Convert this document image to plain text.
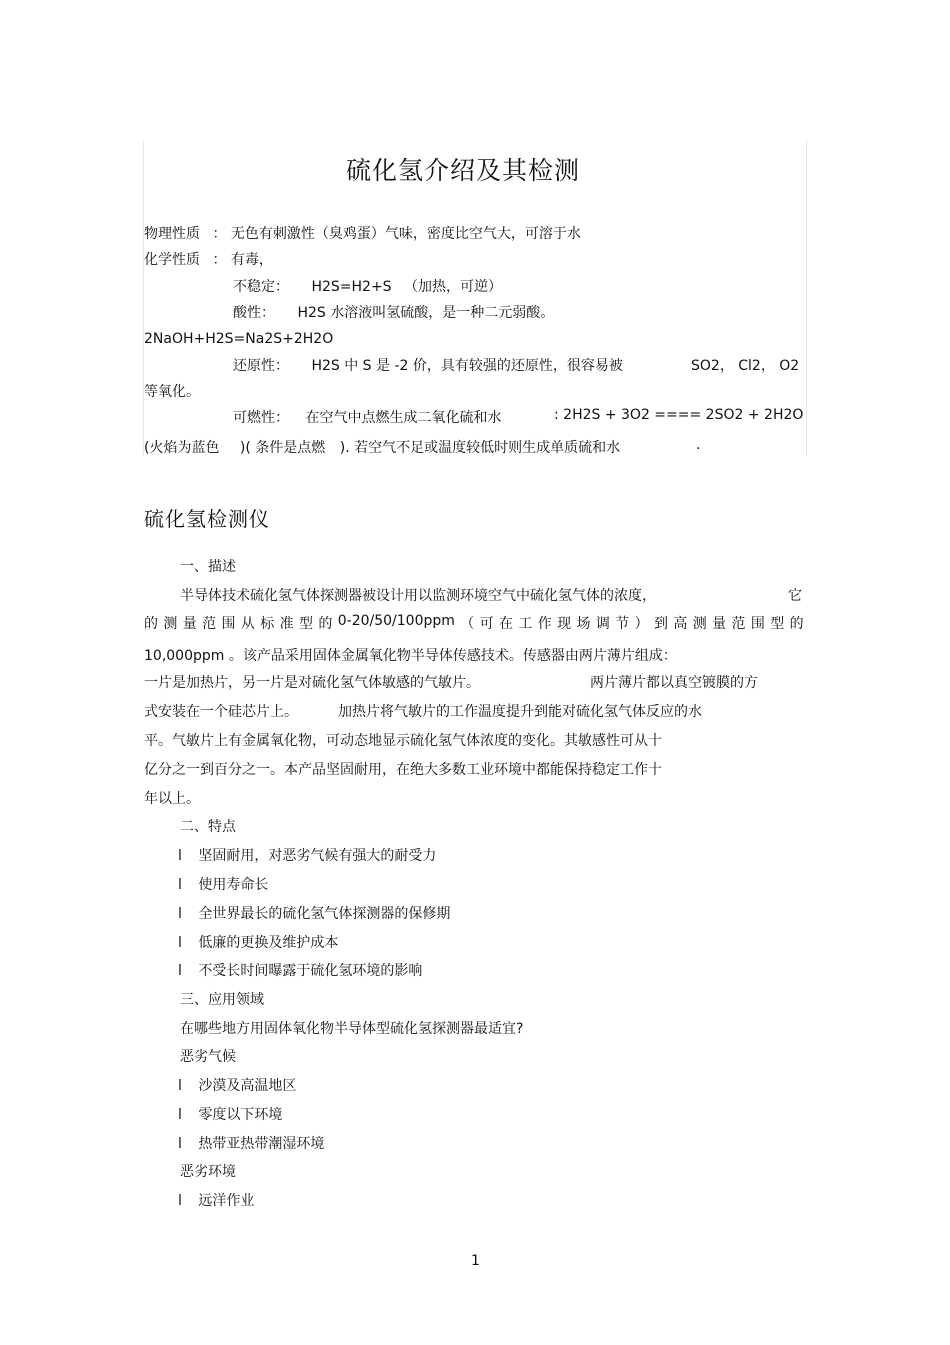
硫化氢介绍及其检测
物理性质 ： 无色有刺激性（臭鸡蛋）气味，密度比空气大，可溶于水
化学性质 ： 有毒，
不稳定： H2S=H2+S （加热，可逆）
酸性： H2S 水溶液叫氢硫酸，是一种二元弱酸。
2NaOH+H2S=Na2S+2H2O
还原性： H2S 中 S 是 -2 价，具有较强的还原性，很容易被	SO2， Cl2， O2
等氧化。
可燃性： 在空气中点燃生成二氧化硫和水	: 2H2S + 3O2 ==== 2SO2 + 2H2O
(火焰为蓝色 )( 条件是点燃 ). 若空气不足或温度较低时则生成单质硫和水	.
硫化氢检测仪
一、描述
半导体技术硫化氢气体探测器被设计用以监测环境空气中硫化氢气体的浓度，	它
的 测 量 范 围 从 标 准 型 的 0-20/50/100ppm （ 可 在 工 作 现 场 调 节 ） 到 高 测 量 范 围 型 的
10,000ppm 。该产品采用固体金属氧化物半导体传感技术。传感器由两片薄片组成：
一片是加热片，另一片是对硫化氢气体敏感的气敏片。	两片薄片都以真空镀膜的方
式安装在一个硅芯片上。	加热片将气敏片的工作温度提升到能对硫化氢气体反应的水
平。气敏片上有金属氧化物，可动态地显示硫化氢气体浓度的变化。其敏感性可从十
亿分之一到百分之一。本产品坚固耐用，在绝大多数工业环境中都能保持稳定工作十
年以上。
二、特点
l 坚固耐用，对恶劣气候有强大的耐受力
l 使用寿命长
l 全世界最长的硫化氢气体探测器的保修期
l 低廉的更换及维护成本
l 不受长时间曝露于硫化氢环境的影响
三、应用领域
在哪些地方用固体氧化物半导体型硫化氢探测器最适宜?
恶劣气候
l 沙漠及高温地区
l 零度以下环境
l 热带亚热带潮湿环境
恶劣环境
l 远洋作业
1
